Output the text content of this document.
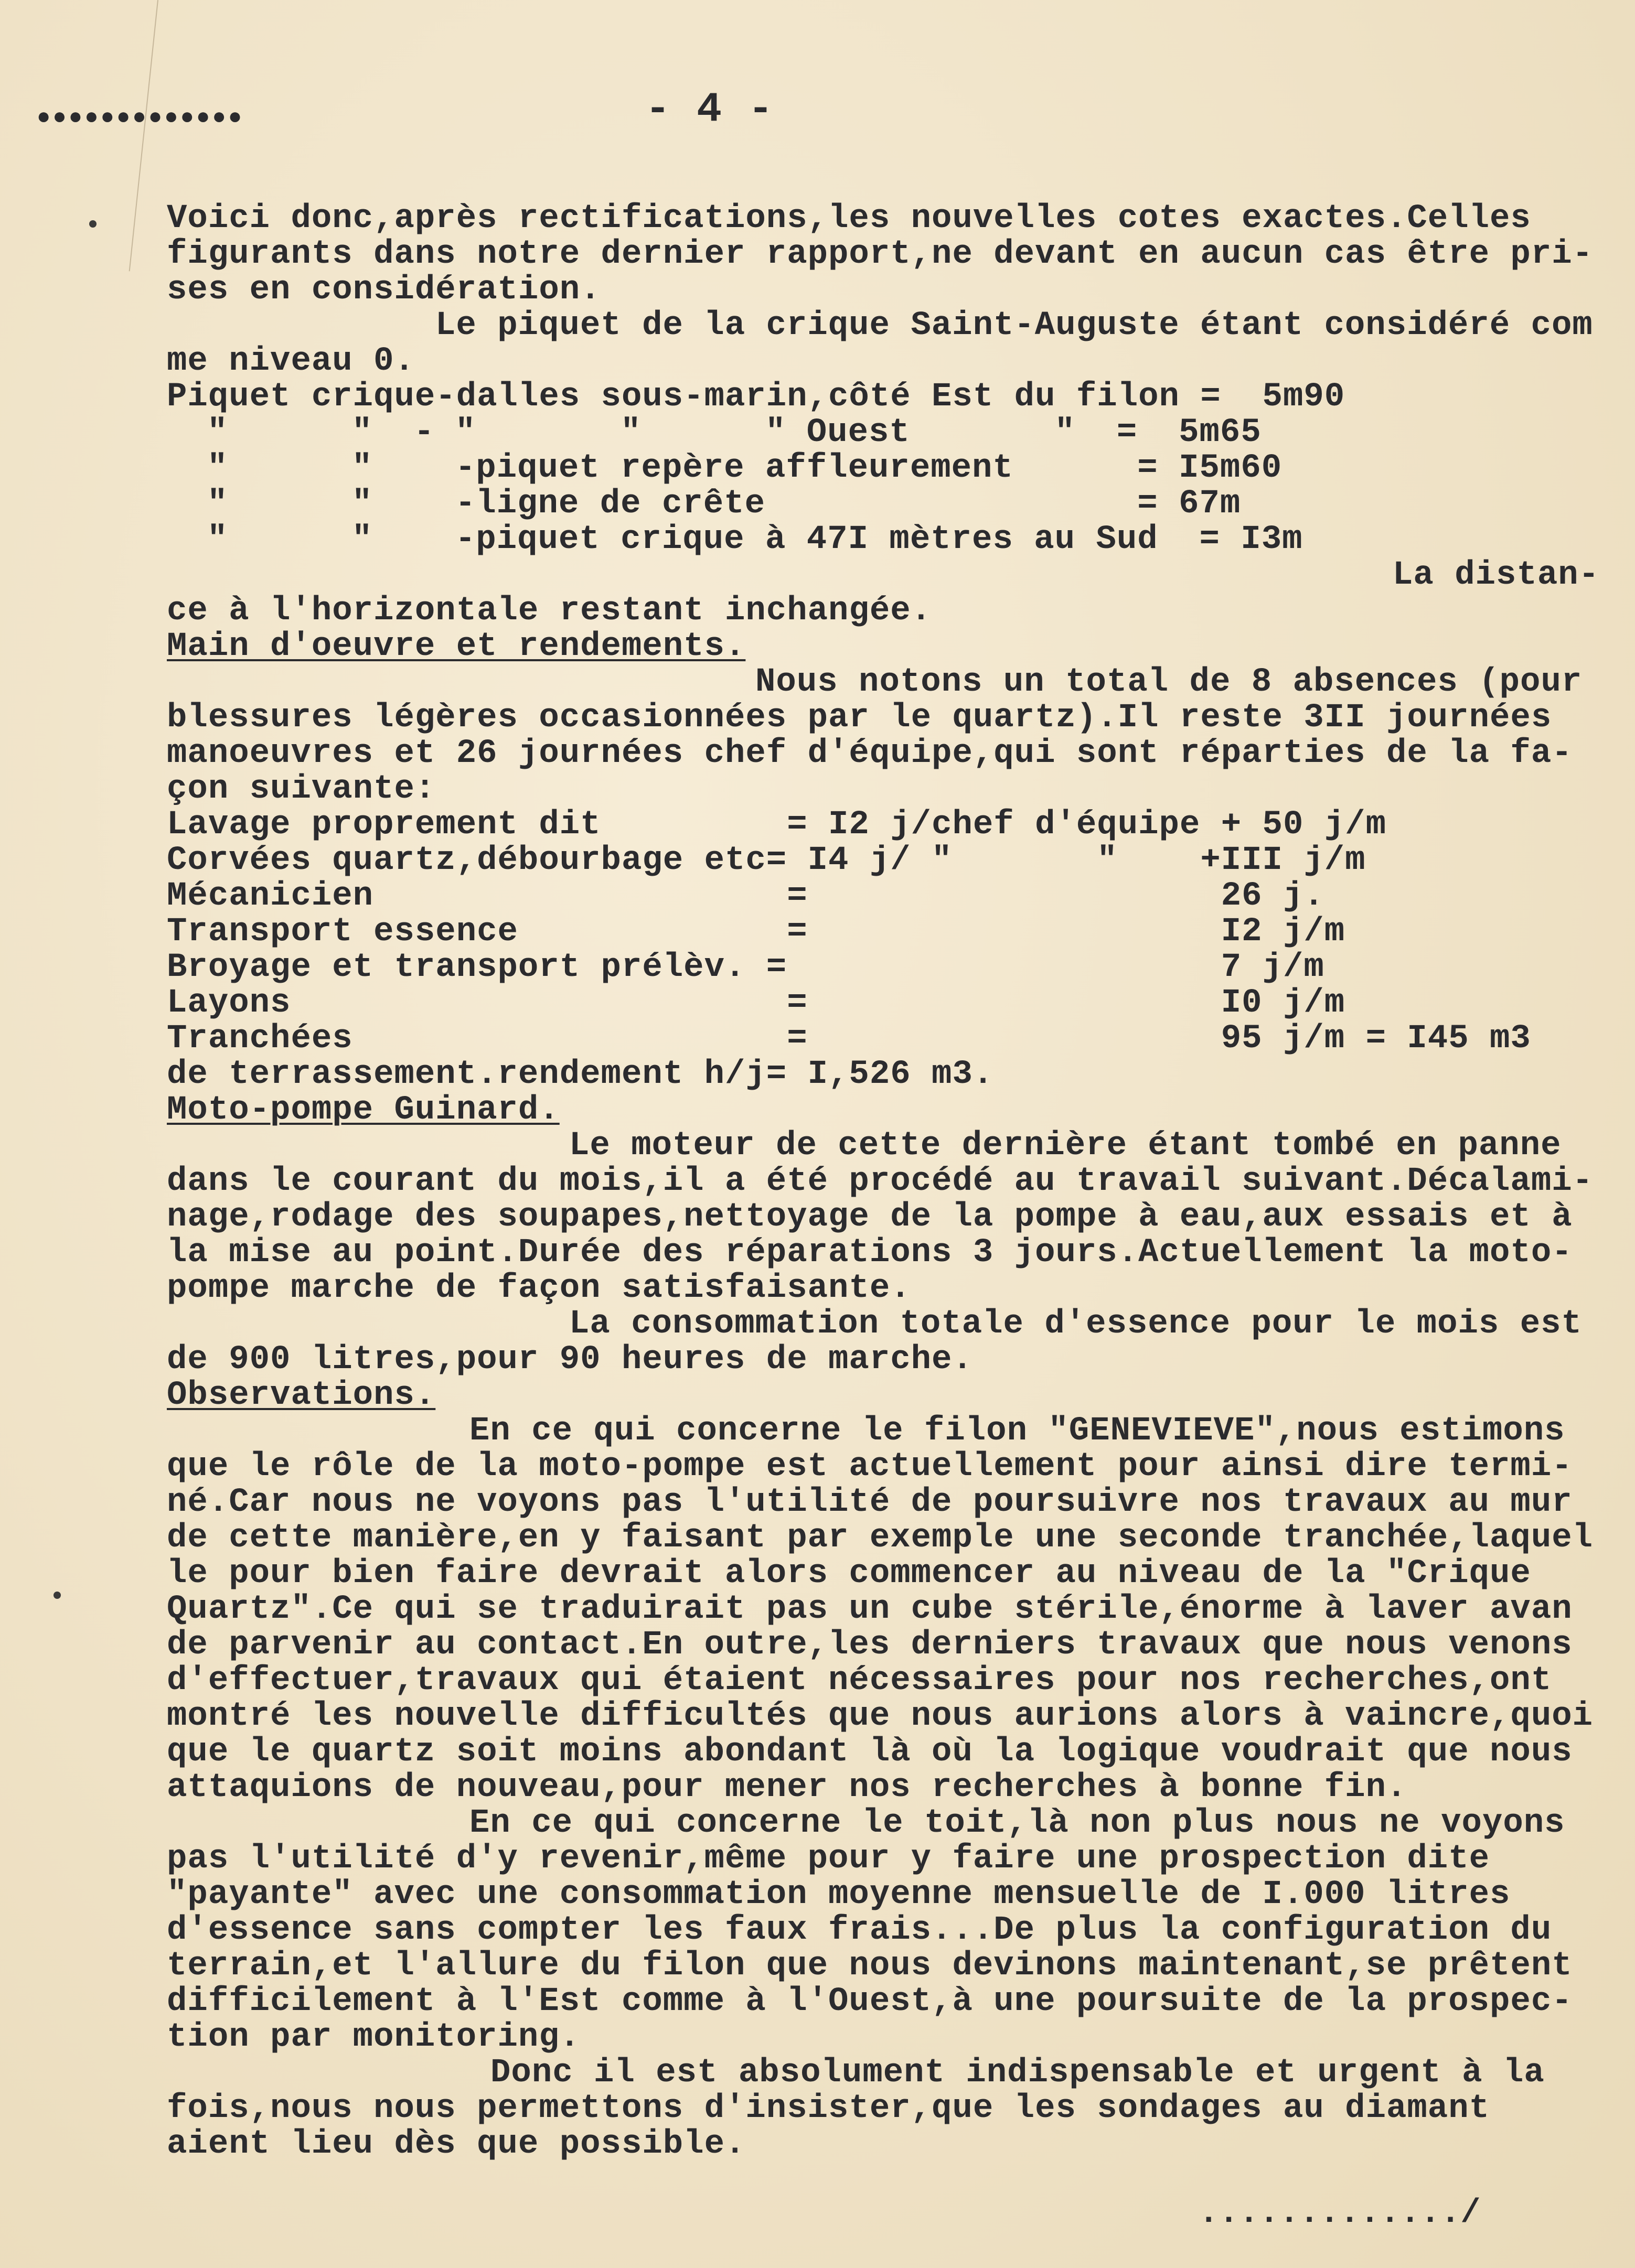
●●●●●●●●●●●●●	- 4 -
Voici donc,après rectifications,les nouvelles cotes exactes.Celles
figurants dans notre dernier rapport,ne devant en aucun cas être pri-
ses en considération.
Le piquet de la crique Saint-Auguste étant considéré com
me niveau 0.
Piquet crique-dalles sous-marin,côté Est du filon =  5m90
"      "  - "       "      " Ouest       "  =  5m65
"      "    -piquet repère affleurement      = I5m60
"      "    -ligne de crête                  = 67m
"      "    -piquet crique à 47I mètres au Sud  = I3m
La distan-
ce à l'horizontale restant inchangée.
Main d'oeuvre et rendements.
Nous notons un total de 8 absences (pour
blessures légères occasionnées par le quartz).Il reste 3II journées
manoeuvres et 26 journées chef d'équipe,qui sont réparties de la fa-
çon suivante:
Lavage proprement dit         = I2 j/chef d'équipe + 50 j/m
Corvées quartz,débourbage etc= I4 j/ "       "    +III j/m
Mécanicien                    =                    26 j.
Transport essence             =                    I2 j/m
Broyage et transport prélèv. =                     7 j/m
Layons                        =                    I0 j/m
Tranchées                     =                    95 j/m = I45 m3
de terrassement.rendement h/j= I,526 m3.
Moto-pompe Guinard.
Le moteur de cette dernière étant tombé en panne
dans le courant du mois,il a été procédé au travail suivant.Décalami-
nage,rodage des soupapes,nettoyage de la pompe à eau,aux essais et à
la mise au point.Durée des réparations 3 jours.Actuellement la moto-
pompe marche de façon satisfaisante.
La consommation totale d'essence pour le mois est
de 900 litres,pour 90 heures de marche.
Observations.
En ce qui concerne le filon "GENEVIEVE",nous estimons
que le rôle de la moto-pompe est actuellement pour ainsi dire termi-
né.Car nous ne voyons pas l'utilité de poursuivre nos travaux au mur
de cette manière,en y faisant par exemple une seconde tranchée,laquel
le pour bien faire devrait alors commencer au niveau de la "Crique
Quartz".Ce qui se traduirait pas un cube stérile,énorme à laver avan
de parvenir au contact.En outre,les derniers travaux que nous venons
d'effectuer,travaux qui étaient nécessaires pour nos recherches,ont
montré les nouvelle difficultés que nous aurions alors à vaincre,quoi
que le quartz soit moins abondant là où la logique voudrait que nous
attaquions de nouveau,pour mener nos recherches à bonne fin.
En ce qui concerne le toit,là non plus nous ne voyons
pas l'utilité d'y revenir,même pour y faire une prospection dite
"payante" avec une consommation moyenne mensuelle de I.000 litres
d'essence sans compter les faux frais...De plus la configuration du
terrain,et l'allure du filon que nous devinons maintenant,se prêtent
difficilement à l'Est comme à l'Ouest,à une poursuite de la prospec-
tion par monitoring.
Donc il est absolument indispensable et urgent à la
fois,nous nous permettons d'insister,que les sondages au diamant
aient lieu dès que possible.
............./
